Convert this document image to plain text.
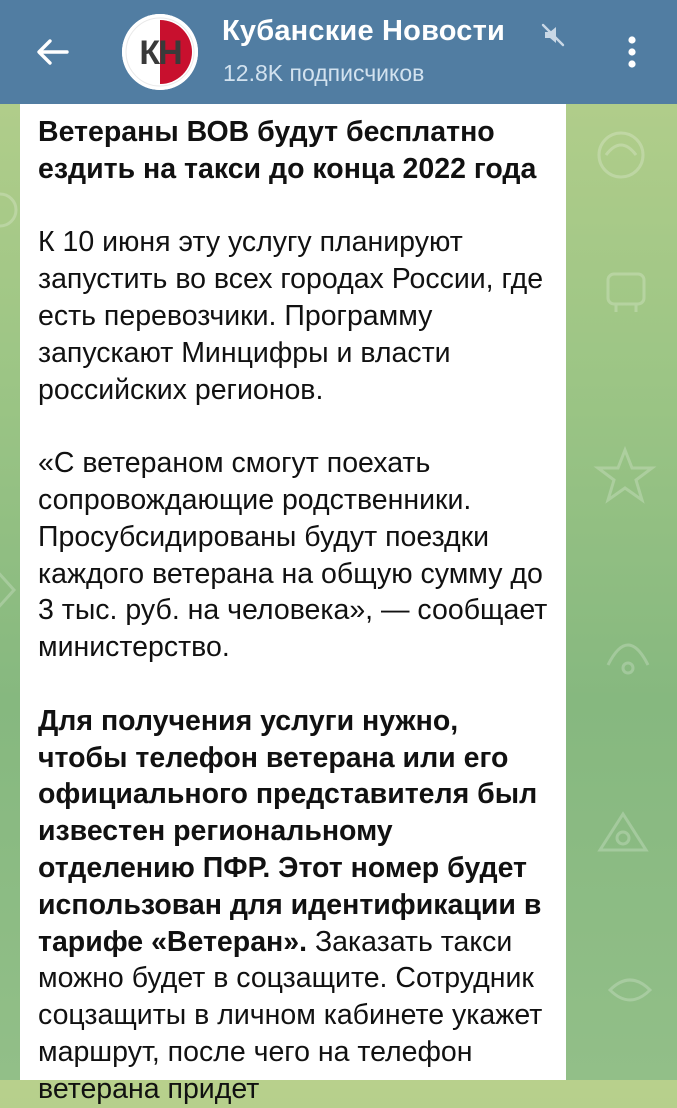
КН
Кубанские Новости
12.8K подписчиков

Ветераны ВОВ будут бесплатно ездить на такси до конца 2022 года

К 10 июня эту услугу планируют запустить во всех городах России, где есть перевозчики. Программу запускают Минцифры и власти российских регионов.

«С ветераном смогут поехать сопровождающие родственники. Просубсидированы будут поездки каждого ветерана на общую сумму до 3 тыс. руб. на человека», — сообщает министерство.

Для получения услуги нужно, чтобы телефон ветерана или его официального представителя был известен региональному отделению ПФР. Этот номер будет использован для идентификации в тарифе «Ветеран». Заказать такси можно будет в соцзащите. Сотрудник соцзащиты в личном кабинете укажет маршрут, после чего на телефон ветерана придет
